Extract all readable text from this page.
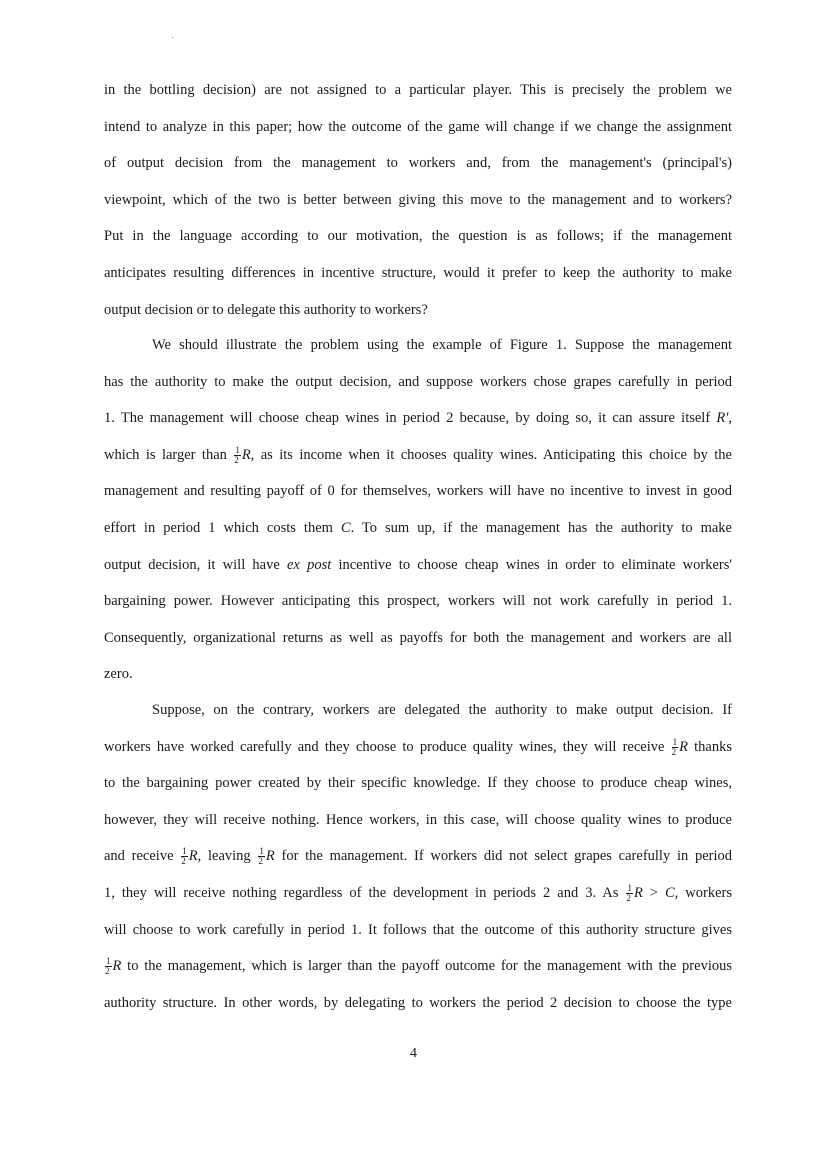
in the bottling decision) are not assigned to a particular player. This is precisely the problem we
intend to analyze in this paper; how the outcome of the game will change if we change the assignment
of output decision from the management to workers and, from the management's (principal's)
viewpoint, which of the two is better between giving this move to the management and to workers?
Put in the language according to our motivation, the question is as follows; if the management
anticipates resulting differences in incentive structure, would it prefer to keep the authority to make
output decision or to delegate this authority to workers?
We should illustrate the problem using the example of Figure 1. Suppose the management
has the authority to make the output decision, and suppose workers chose grapes carefully in period
1. The management will choose cheap wines in period 2 because, by doing so, it can assure itself R',
which is larger than $\frac{1}{2} R$, as its income when it chooses quality wines. Anticipating this choice by the
management and resulting payoff of 0 for themselves, workers will have no incentive to invest in good
effort in period 1 which costs them C. To sum up, if the management has the authority to make
output decision, it will have ex post incentive to choose cheap wines in order to eliminate workers'
bargaining power. However anticipating this prospect, workers will not work carefully in period 1.
Consequently, organizational returns as well as payoffs for both the management and workers are all
zero.
Suppose, on the contrary, workers are delegated the authority to make output decision. If
workers have worked carefully and they choose to produce quality wines, they will receive $\frac{1}{2}$ R thanks
to the bargaining power created by their specific knowledge. If they choose to produce cheap wines,
however, they will receive nothing. Hence workers, in this case, will choose quality wines to produce
and receive $\frac{1}{2} R$, leaving $\frac{1}{2}$ R for the management. If workers did not select grapes carefully in period
1, they will receive nothing regardless of the development in periods 2 and 3. As $\frac{1}{2}$ R > C, workers
will choose to work carefully in period 1. It follows that the outcome of this authority structure gives
$\frac{1}{2}$ R to the management, which is larger than the payoff outcome for the management with the previous
authority structure. In other words, by delegating to workers the period 2 decision to choose the type
4
